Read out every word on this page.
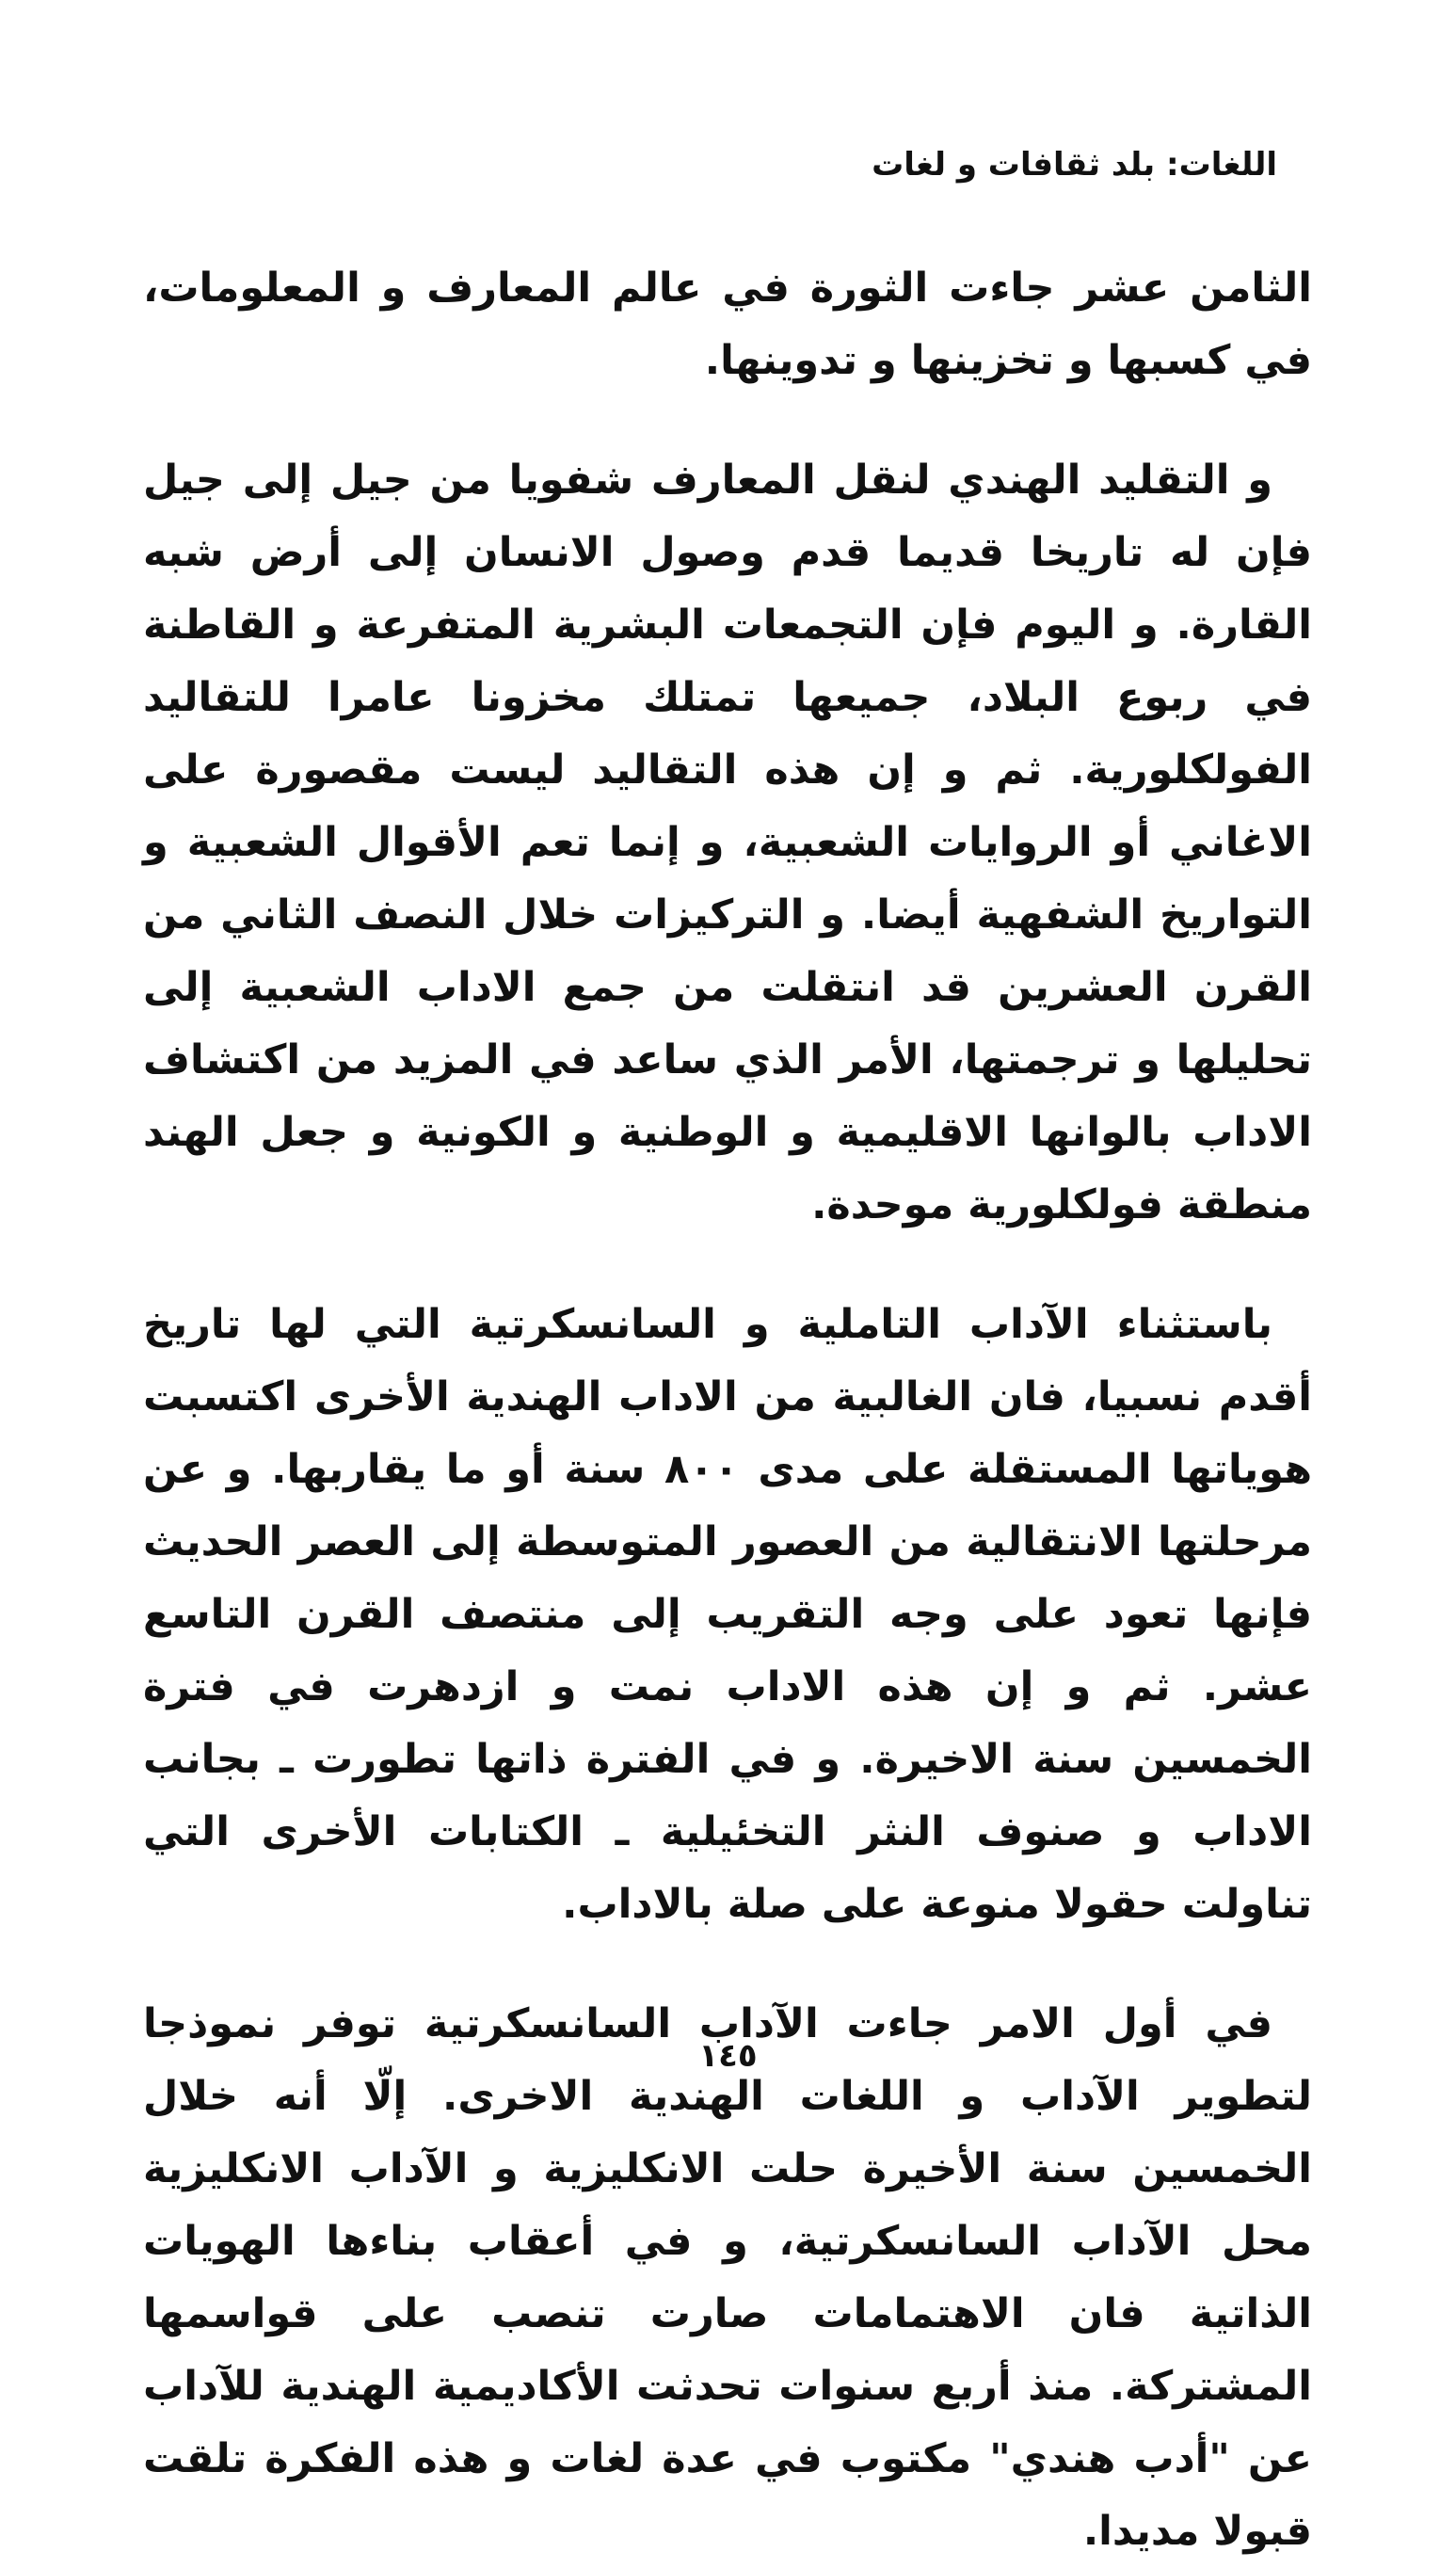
اللغات: بلد ثقافات و لغات

الثامن عشر جاءت الثورة في عالم المعارف و المعلومات، في كسبها و تخزينها و تدوينها.

و التقليد الهندي لنقل المعارف شفويا من جيل إلى جيل فإن له تاريخا قديما قدم وصول الانسان إلى أرض شبه القارة. و اليوم فإن التجمعات البشرية المتفرعة و القاطنة في ربوع البلاد، جميعها تمتلك مخزونا عامرا للتقاليد الفولكلورية. ثم و إن هذه التقاليد ليست مقصورة على الاغاني أو الروايات الشعبية، و إنما تعم الأقوال الشعبية و التواريخ الشفهية أيضا. و التركيزات خلال النصف الثاني من القرن العشرين قد انتقلت من جمع الاداب الشعبية إلى تحليلها و ترجمتها، الأمر الذي ساعد في المزيد من اكتشاف الاداب بالوانها الاقليمية و الوطنية و الكونية و جعل الهند منطقة فولكلورية موحدة.

باستثناء الآداب التاملية و السانسكرتية التي لها تاريخ أقدم نسبيا، فان الغالبية من الاداب الهندية الأخرى اكتسبت هوياتها المستقلة على مدى ٨٠٠ سنة أو ما يقاربها. و عن مرحلتها الانتقالية من العصور المتوسطة إلى العصر الحديث فإنها تعود على وجه التقريب إلى منتصف القرن التاسع عشر. ثم و إن هذه الاداب نمت و ازدهرت في فترة الخمسين سنة الاخيرة. و في الفترة ذاتها تطورت ـ بجانب الاداب و صنوف النثر التخئيلية ـ الكتابات الأخرى التي تناولت حقولا منوعة على صلة بالاداب.

في أول الامر جاءت الآداب السانسكرتية توفر نموذجا لتطوير الآداب و اللغات الهندية الاخرى. إلّا أنه خلال الخمسين سنة الأخيرة حلت الانكليزية و الآداب الانكليزية محل الآداب السانسكرتية، و في أعقاب بناءها الهويات الذاتية فان الاهتمامات صارت تنصب على قواسمها المشتركة. منذ أربع سنوات تحدثت الأكاديمية الهندية للآداب عن "أدب هندي" مكتوب في عدة لغات و هذه الفكرة تلقت قبولا مديدا.

١٤٥
